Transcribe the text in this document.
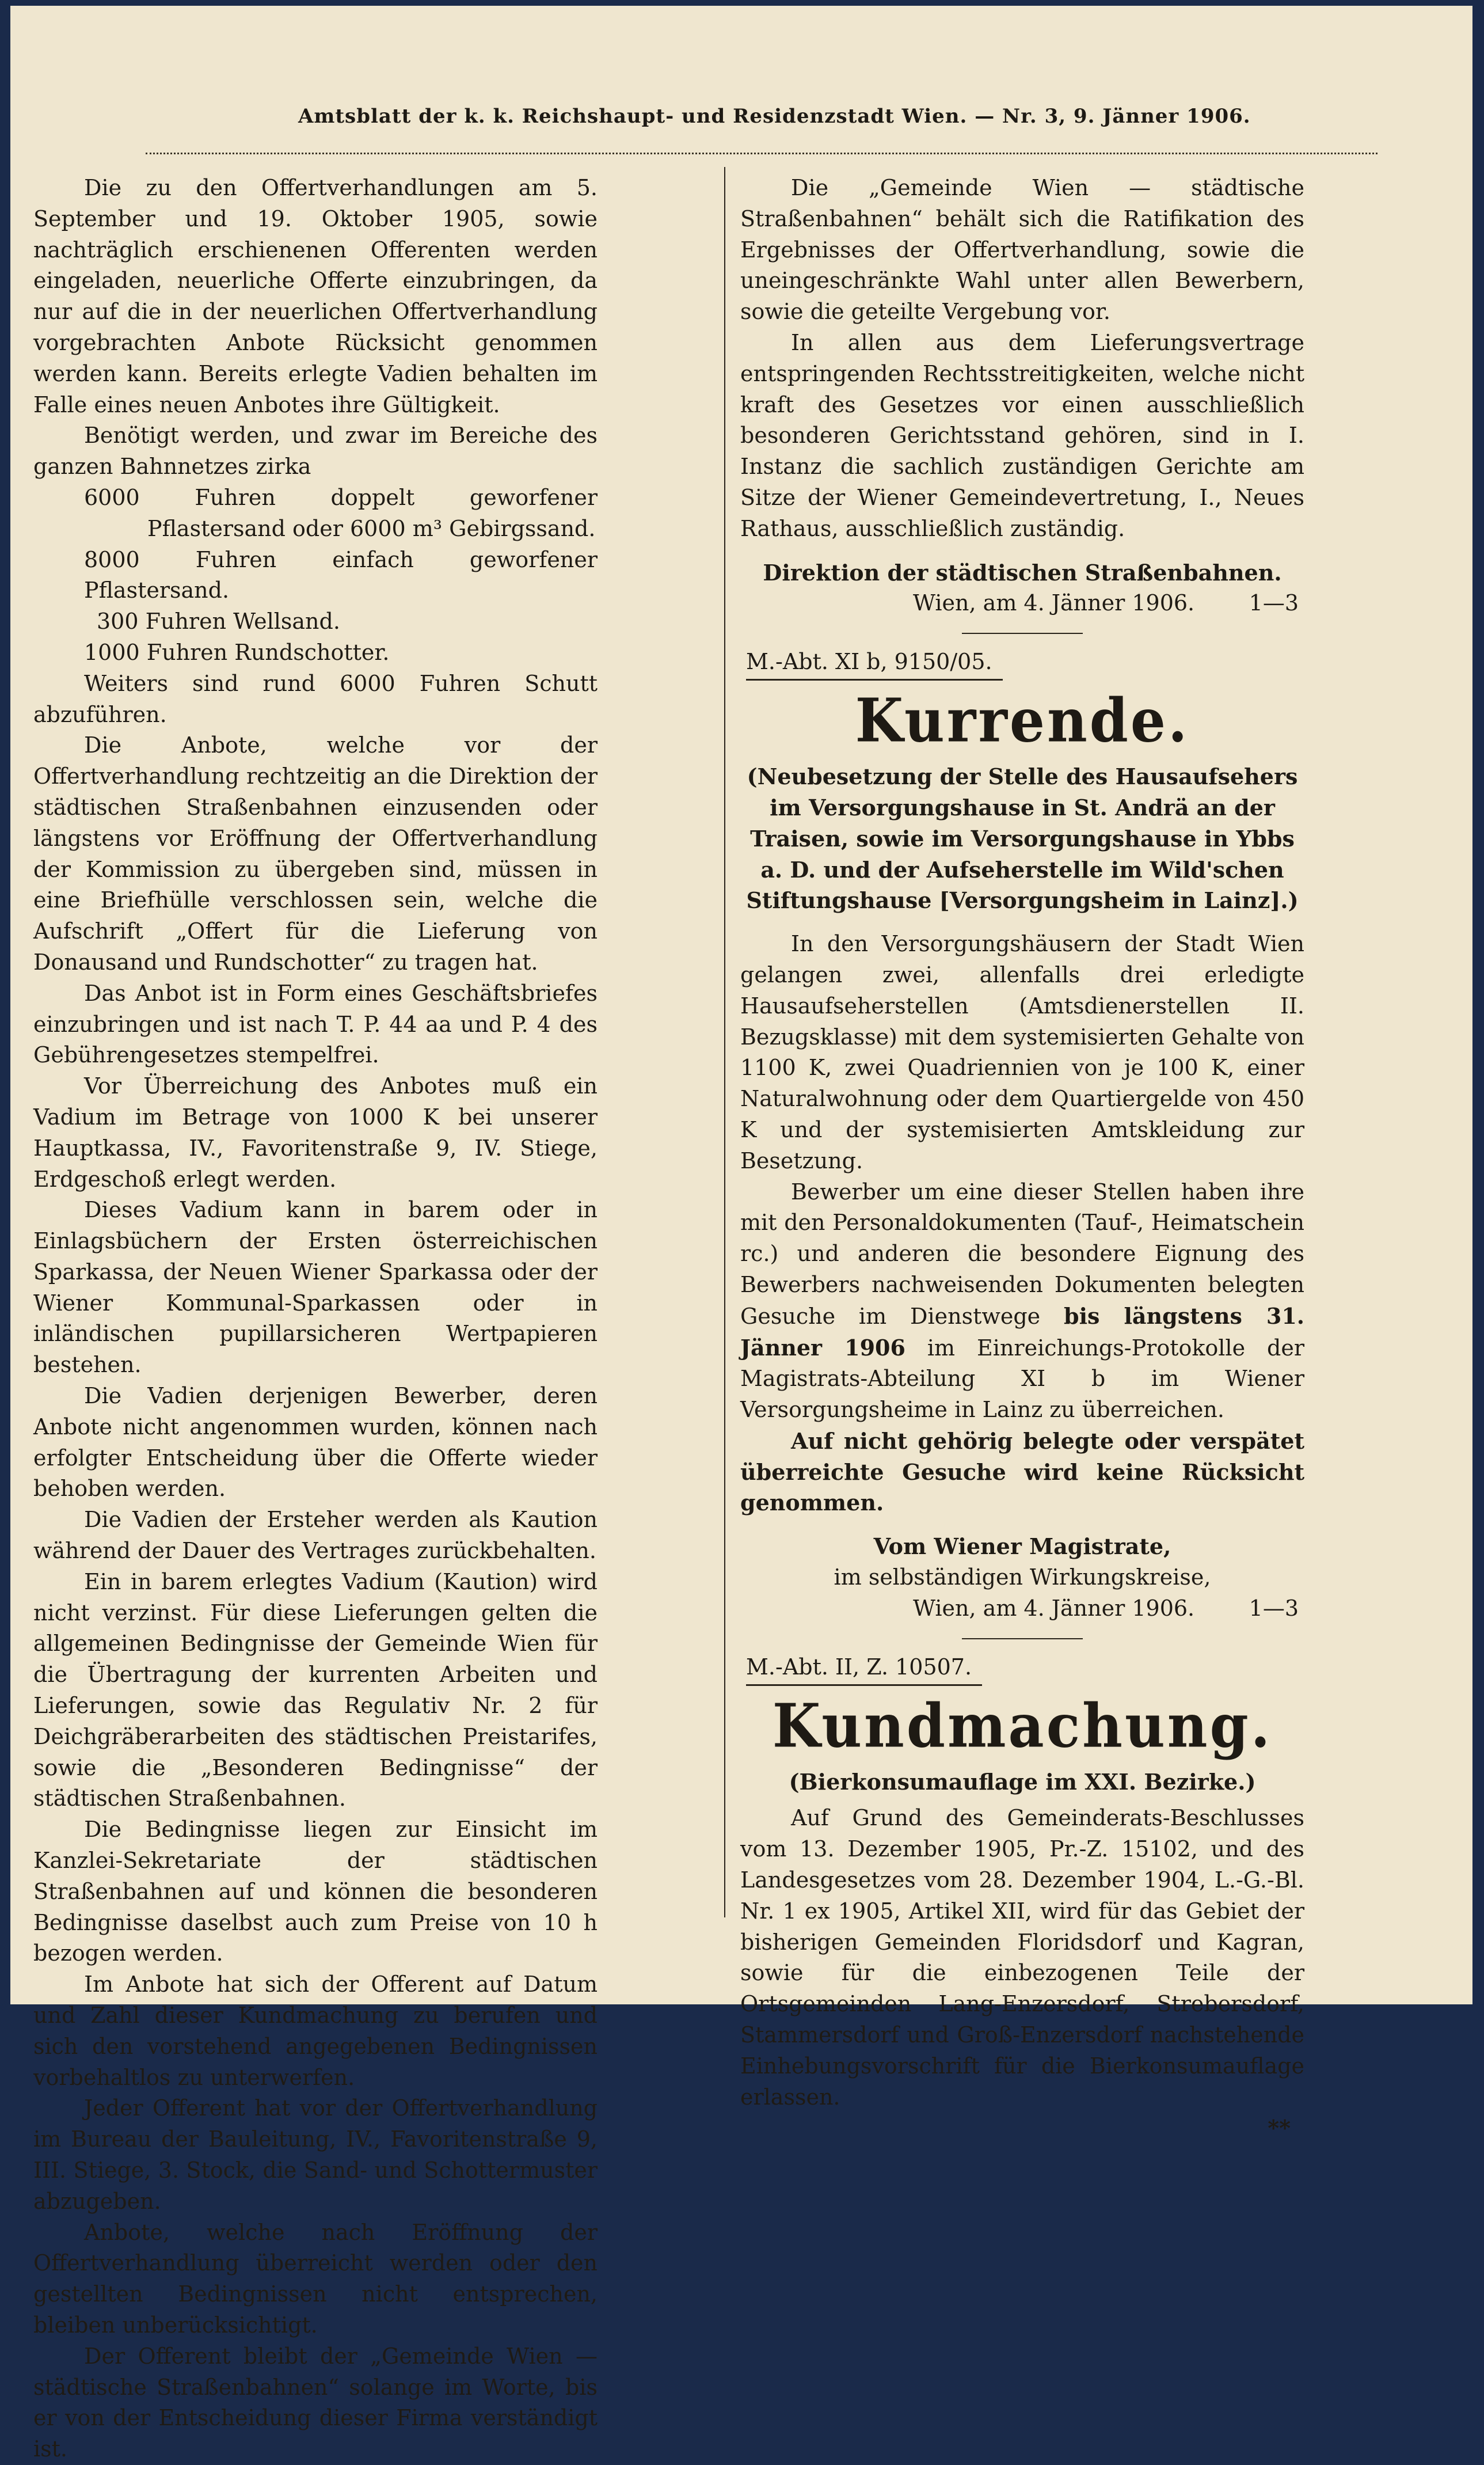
Amtsblatt der k. k. Reichshaupt- und Residenzstadt Wien. — Nr. 3, 9. Jänner 1906.

Die zu den Offertverhandlungen am 5. September und 19. Oktober 1905, sowie nachträglich erschienenen Offerenten werden eingeladen, neuerliche Offerte einzubringen, da nur auf die in der neuerlichen Offertverhandlung vorgebrachten Anbote Rücksicht genommen werden kann. Bereits erlegte Vadien behalten im Falle eines neuen Anbotes ihre Gültigkeit.

Benötigt werden, und zwar im Bereiche des ganzen Bahnnetzes zirka

6000 Fuhren doppelt geworfener Pflastersand oder 6000 m³ Gebirgssand.

8000 Fuhren einfach geworfener Pflastersand.

300 Fuhren Wellsand.

1000 Fuhren Rundschotter.

Weiters sind rund 6000 Fuhren Schutt abzuführen.

Die Anbote, welche vor der Offertverhandlung rechtzeitig an die Direktion der städtischen Straßenbahnen einzusenden oder längstens vor Eröffnung der Offertverhandlung der Kommission zu übergeben sind, müssen in eine Briefhülle verschlossen sein, welche die Aufschrift „Offert für die Lieferung von Donausand und Rundschotter“ zu tragen hat.

Das Anbot ist in Form eines Geschäftsbriefes einzubringen und ist nach T. P. 44 aa und P. 4 des Gebührengesetzes stempelfrei.

Vor Überreichung des Anbotes muß ein Vadium im Betrage von 1000 K bei unserer Hauptkassa, IV., Favoritenstraße 9, IV. Stiege, Erdgeschoß erlegt werden.

Dieses Vadium kann in barem oder in Einlagsbüchern der Ersten österreichischen Sparkassa, der Neuen Wiener Sparkassa oder der Wiener Kommunal-Sparkassen oder in inländischen pupillarsicheren Wertpapieren bestehen.

Die Vadien derjenigen Bewerber, deren Anbote nicht angenommen wurden, können nach erfolgter Entscheidung über die Offerte wieder behoben werden.

Die Vadien der Ersteher werden als Kaution während der Dauer des Vertrages zurückbehalten.

Ein in barem erlegtes Vadium (Kaution) wird nicht verzinst. Für diese Lieferungen gelten die allgemeinen Bedingnisse der Gemeinde Wien für die Übertragung der kurrenten Arbeiten und Lieferungen, sowie das Regulativ Nr. 2 für Deichgräberarbeiten des städtischen Preistarifes, sowie die „Besonderen Bedingnisse“ der städtischen Straßenbahnen.

Die Bedingnisse liegen zur Einsicht im Kanzlei-Sekretariate der städtischen Straßenbahnen auf und können die besonderen Bedingnisse daselbst auch zum Preise von 10 h bezogen werden.

Im Anbote hat sich der Offerent auf Datum und Zahl dieser Kundmachung zu berufen und sich den vorstehend angegebenen Bedingnissen vorbehaltlos zu unterwerfen.

Jeder Offerent hat vor der Offertverhandlung im Bureau der Bauleitung, IV., Favoritenstraße 9, III. Stiege, 3. Stock, die Sand- und Schottermuster abzugeben.

Anbote, welche nach Eröffnung der Offertverhandlung überreicht werden oder den gestellten Bedingnissen nicht entsprechen, bleiben unberücksichtigt.

Der Offerent bleibt der „Gemeinde Wien — städtische Straßenbahnen“ solange im Worte, bis er von der Entscheidung dieser Firma verständigt ist.

Die „Gemeinde Wien — städtische Straßenbahnen“ behält sich die Ratifikation des Ergebnisses der Offertverhandlung, sowie die uneingeschränkte Wahl unter allen Bewerbern, sowie die geteilte Vergebung vor.

In allen aus dem Lieferungsvertrage entspringenden Rechtsstreitigkeiten, welche nicht kraft des Gesetzes vor einen ausschließlich besonderen Gerichtsstand gehören, sind in I. Instanz die sachlich zuständigen Gerichte am Sitze der Wiener Gemeindevertretung, I., Neues Rathaus, ausschließlich zuständig.

Direktion der städtischen Straßenbahnen.

Wien, am 4. Jänner 1906. 1—3
M.-Abt. XI b, 9150/05.
Kurrende.

(Neubesetzung der Stelle des Hausaufsehers im Versorgungshause in St. Andrä an der Traisen, sowie im Versorgungshause in Ybbs a. D. und der Aufseherstelle im Wild'schen Stiftungshause [Versorgungsheim in Lainz].)

In den Versorgungshäusern der Stadt Wien gelangen zwei, allenfalls drei erledigte Hausaufseherstellen (Amtsdienerstellen II. Bezugsklasse) mit dem systemisierten Gehalte von 1100 K, zwei Quadriennien von je 100 K, einer Naturalwohnung oder dem Quartiergelde von 450 K und der systemisierten Amtskleidung zur Besetzung.

Bewerber um eine dieser Stellen haben ihre mit den Personaldokumenten (Tauf-, Heimatschein rc.) und anderen die besondere Eignung des Bewerbers nachweisenden Dokumenten belegten Gesuche im Dienstwege bis längstens 31. Jänner 1906 im Einreichungs-Protokolle der Magistrats-Abteilung XI b im Wiener Versorgungsheime in Lainz zu überreichen.

Auf nicht gehörig belegte oder verspätet überreichte Gesuche wird keine Rücksicht genommen.

Vom Wiener Magistrate,

im selbständigen Wirkungskreise,

Wien, am 4. Jänner 1906. 1—3
M.-Abt. II, Z. 10507.
Kundmachung.

(Bierkonsumauflage im XXI. Bezirke.)

Auf Grund des Gemeinderats-Beschlusses vom 13. Dezember 1905, Pr.-Z. 15102, und des Landesgesetzes vom 28. Dezember 1904, L.-G.-Bl. Nr. 1 ex 1905, Artikel XII, wird für das Gebiet der bisherigen Gemeinden Floridsdorf und Kagran, sowie für die einbezogenen Teile der Ortsgemeinden Lang-Enzersdorf, Strebersdorf, Stammersdorf und Groß-Enzersdorf nachstehende Einhebungsvorschrift für die Bierkonsumauflage erlassen.

**
